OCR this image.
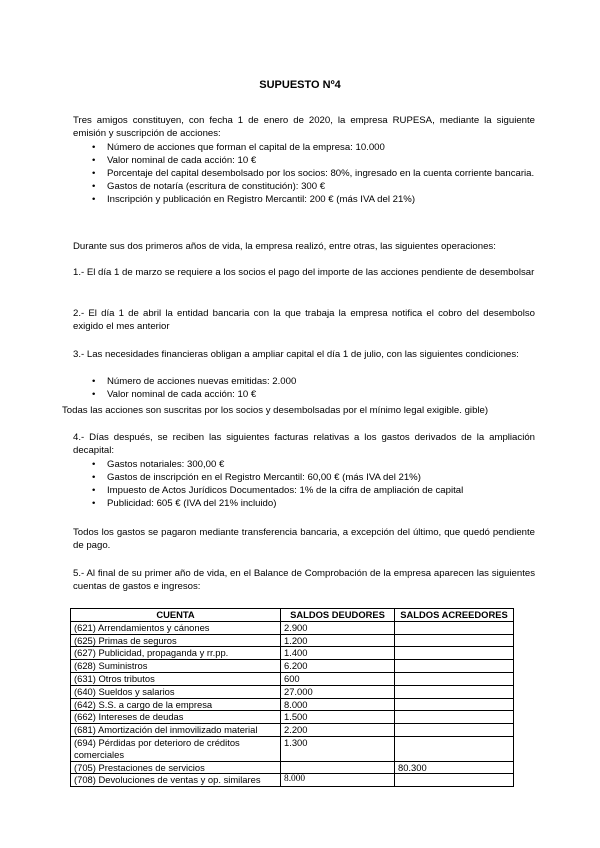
SUPUESTO Nº4
Tres amigos constituyen, con fecha 1 de enero de 2020, la empresa RUPESA, mediante la siguiente emisión y suscripción de acciones:
• Número de acciones que forman el capital de la empresa: 10.000
• Valor nominal de cada acción: 10 €
• Porcentaje del capital desembolsado por los socios: 80%, ingresado en la cuenta corriente bancaria.
• Gastos de notaría (escritura de constitución): 300 €
• Inscripción y publicación en Registro Mercantil: 200 € (más IVA del 21%)
Durante sus dos primeros años de vida, la empresa realizó, entre otras, las siguientes operaciones:
1.- El día 1 de marzo se requiere a los socios el pago del importe de las acciones pendiente de desembolsar
2.- El día 1 de abril la entidad bancaria con la que trabaja la empresa notifica el cobro del desembolso exigido el mes anterior
3.- Las necesidades financieras obligan a ampliar capital el día 1 de julio, con las siguientes condiciones:
• Número de acciones nuevas emitidas: 2.000
• Valor nominal de cada acción: 10 €
Todas las acciones son suscritas por los socios y desembolsadas por el mínimo legal exigible. gible)
4.- Días después, se reciben las siguientes facturas relativas a los gastos derivados de la ampliación decapital:
• Gastos notariales: 300,00 €
• Gastos de inscripción en el Registro Mercantil: 60,00 € (más IVA del 21%)
• Impuesto de Actos Jurídicos Documentados: 1% de la cifra de ampliación de capital
• Publicidad: 605 € (IVA del 21% incluido)
Todos los gastos se pagaron mediante transferencia bancaria, a excepción del último, que quedó pendiente de pago.
5.- Al final de su primer año de vida, en el Balance de Comprobación de la empresa aparecen las siguientes cuentas de gastos e ingresos:
CUENTA	SALDOS DEUDORES	SALDOS ACREEDORES
(621) Arrendamientos y cánones	2.900	
(625) Primas de seguros	1.200	
(627) Publicidad, propaganda y rr.pp.	1.400	
(628) Suministros	6.200	
(631) Otros tributos	600	
(640) Sueldos y salarios	27.000	
(642) S.S. a cargo de la empresa	8.000	
(662) Intereses de deudas	1.500	
(681) Amortización del inmovilizado material	2.200	
(694) Pérdidas por deterioro de créditos comerciales	1.300	
(705) Prestaciones de servicios		80.300
(708) Devoluciones de ventas y op. similares	8.000	
